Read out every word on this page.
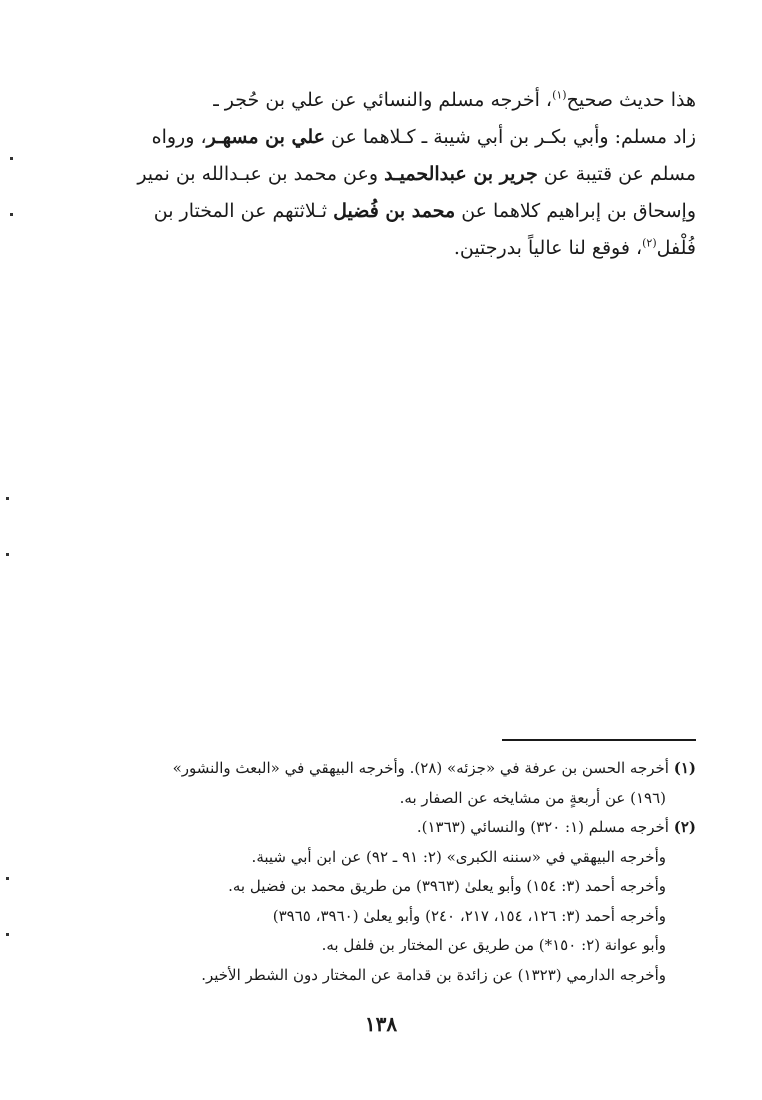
هذا حديث صحيح$^{(١)}$، أخرجه مسلم والنسائي عن علي بن حُجر ـ
زاد مسلم: وأبي بكـر بن أبي شيبة ـ كـلاهما عن علي بن مسهـر، ورواه
مسلم عن قتيبة عن جرير بن عبدالحميـد وعن محمد بن عبـدالله بن نمير
وإسحاق بن إبراهيم كلاهما عن محمد بن فُضيل ثـلاثتهم عن المختار بن
فُلْفل$^{(٢)}$، فوقع لنا عالياً بدرجتين.
(١) أخرجه الحسن بن عرفة في «جزئه» (٢٨). وأخرجه البيهقي في «البعث والنشور»
(١٩٦) عن أربعةٍ من مشايخه عن الصفار به.
(٢) أخرجه مسلم (١: ٣٢٠) والنسائي (١٣٦٣).
وأخرجه البيهقي في «سننه الكبرى» (٢: ٩١ ـ ٩٢) عن ابن أبي شيبة.
وأخرجه أحمد (٣: ١٥٤) وأبو يعلىٰ (٣٩٦٣) من طريق محمد بن فضيل به.
وأخرجه أحمد (٣: ١٢٦، ١٥٤، ٢١٧، ٢٤٠) وأبو يعلىٰ (٣٩٦٠، ٣٩٦٥)
وأبو عوانة (٢: ١٥٠*) من طريق عن المختار بن فلفل به.
وأخرجه الدارمي (١٣٢٣) عن زائدة بن قدامة عن المختار دون الشطر الأخير.
١٣٨
